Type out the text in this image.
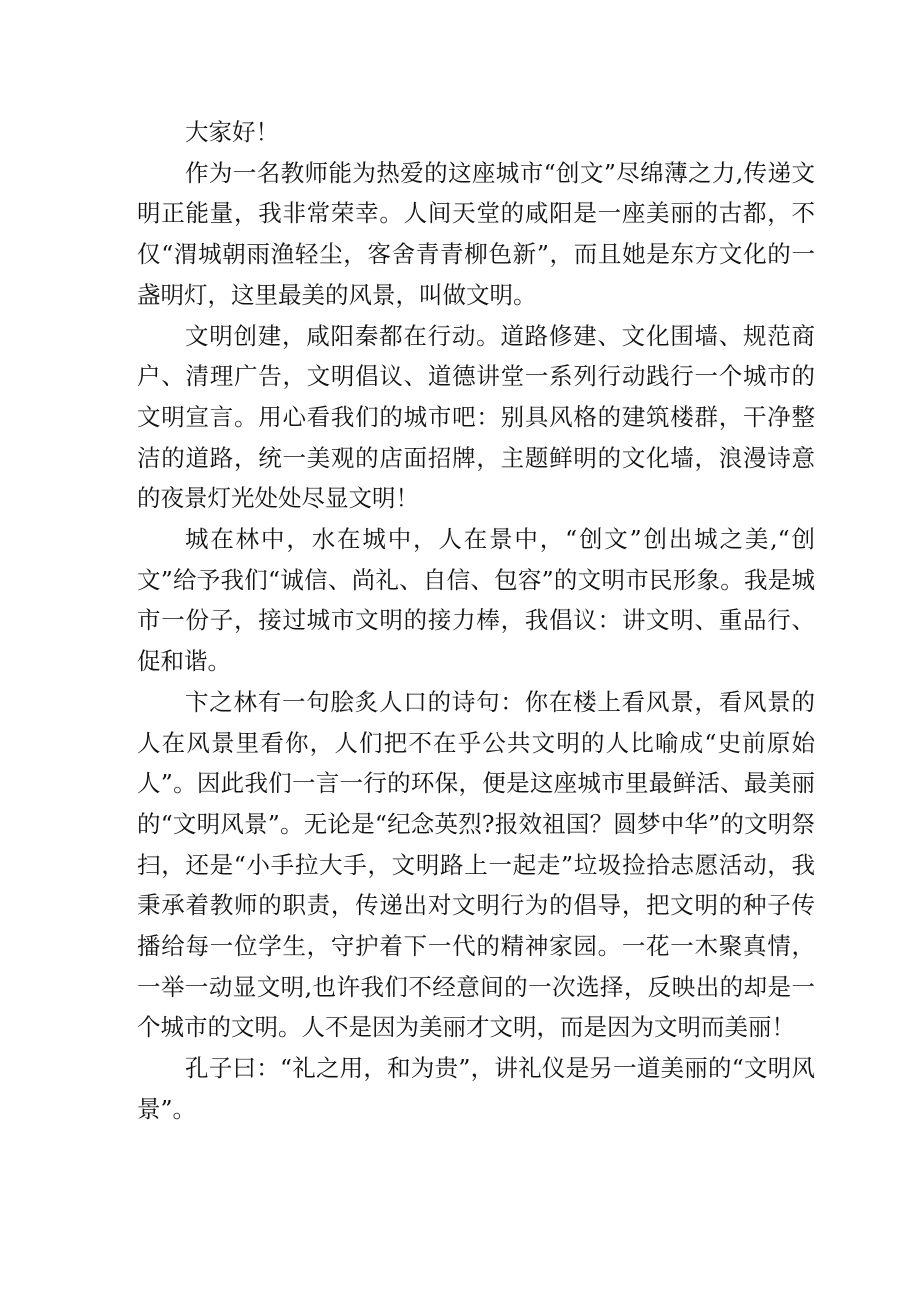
大家好！

作为一名教师能为热爱的这座城市“创文”尽绵薄之力,传递文明正能量，我非常荣幸。人间天堂的咸阳是一座美丽的古都，不仅“渭城朝雨渔轻尘，客舍青青柳色新”，而且她是东方文化的一盏明灯，这里最美的风景，叫做文明。

文明创建，咸阳秦都在行动。道路修建、文化围墙、规范商户、清理广告，文明倡议、道德讲堂一系列行动践行一个城市的文明宣言。用心看我们的城市吧：别具风格的建筑楼群，干净整洁的道路，统一美观的店面招牌，主题鲜明的文化墙，浪漫诗意的夜景灯光处处尽显文明！

城在林中，水在城中，人在景中，“创文”创出城之美,“创文”给予我们“诚信、尚礼、自信、包容”的文明市民形象。我是城市一份子，接过城市文明的接力棒，我倡议：讲文明、重品行、促和谐。

卞之林有一句脍炙人口的诗句：你在楼上看风景，看风景的人在风景里看你，人们把不在乎公共文明的人比喻成“史前原始人”。因此我们一言一行的环保，便是这座城市里最鲜活、最美丽的“文明风景”。无论是“纪念英烈?报效祖国？圆梦中华”的文明祭扫，还是“小手拉大手，文明路上一起走”垃圾捡拾志愿活动，我秉承着教师的职责，传递出对文明行为的倡导，把文明的种子传播给每一位学生，守护着下一代的精神家园。一花一木聚真情，一举一动显文明,也许我们不经意间的一次选择，反映出的却是一个城市的文明。人不是因为美丽才文明，而是因为文明而美丽！

孔子曰：“礼之用，和为贵”，讲礼仪是另一道美丽的“文明风景”。
